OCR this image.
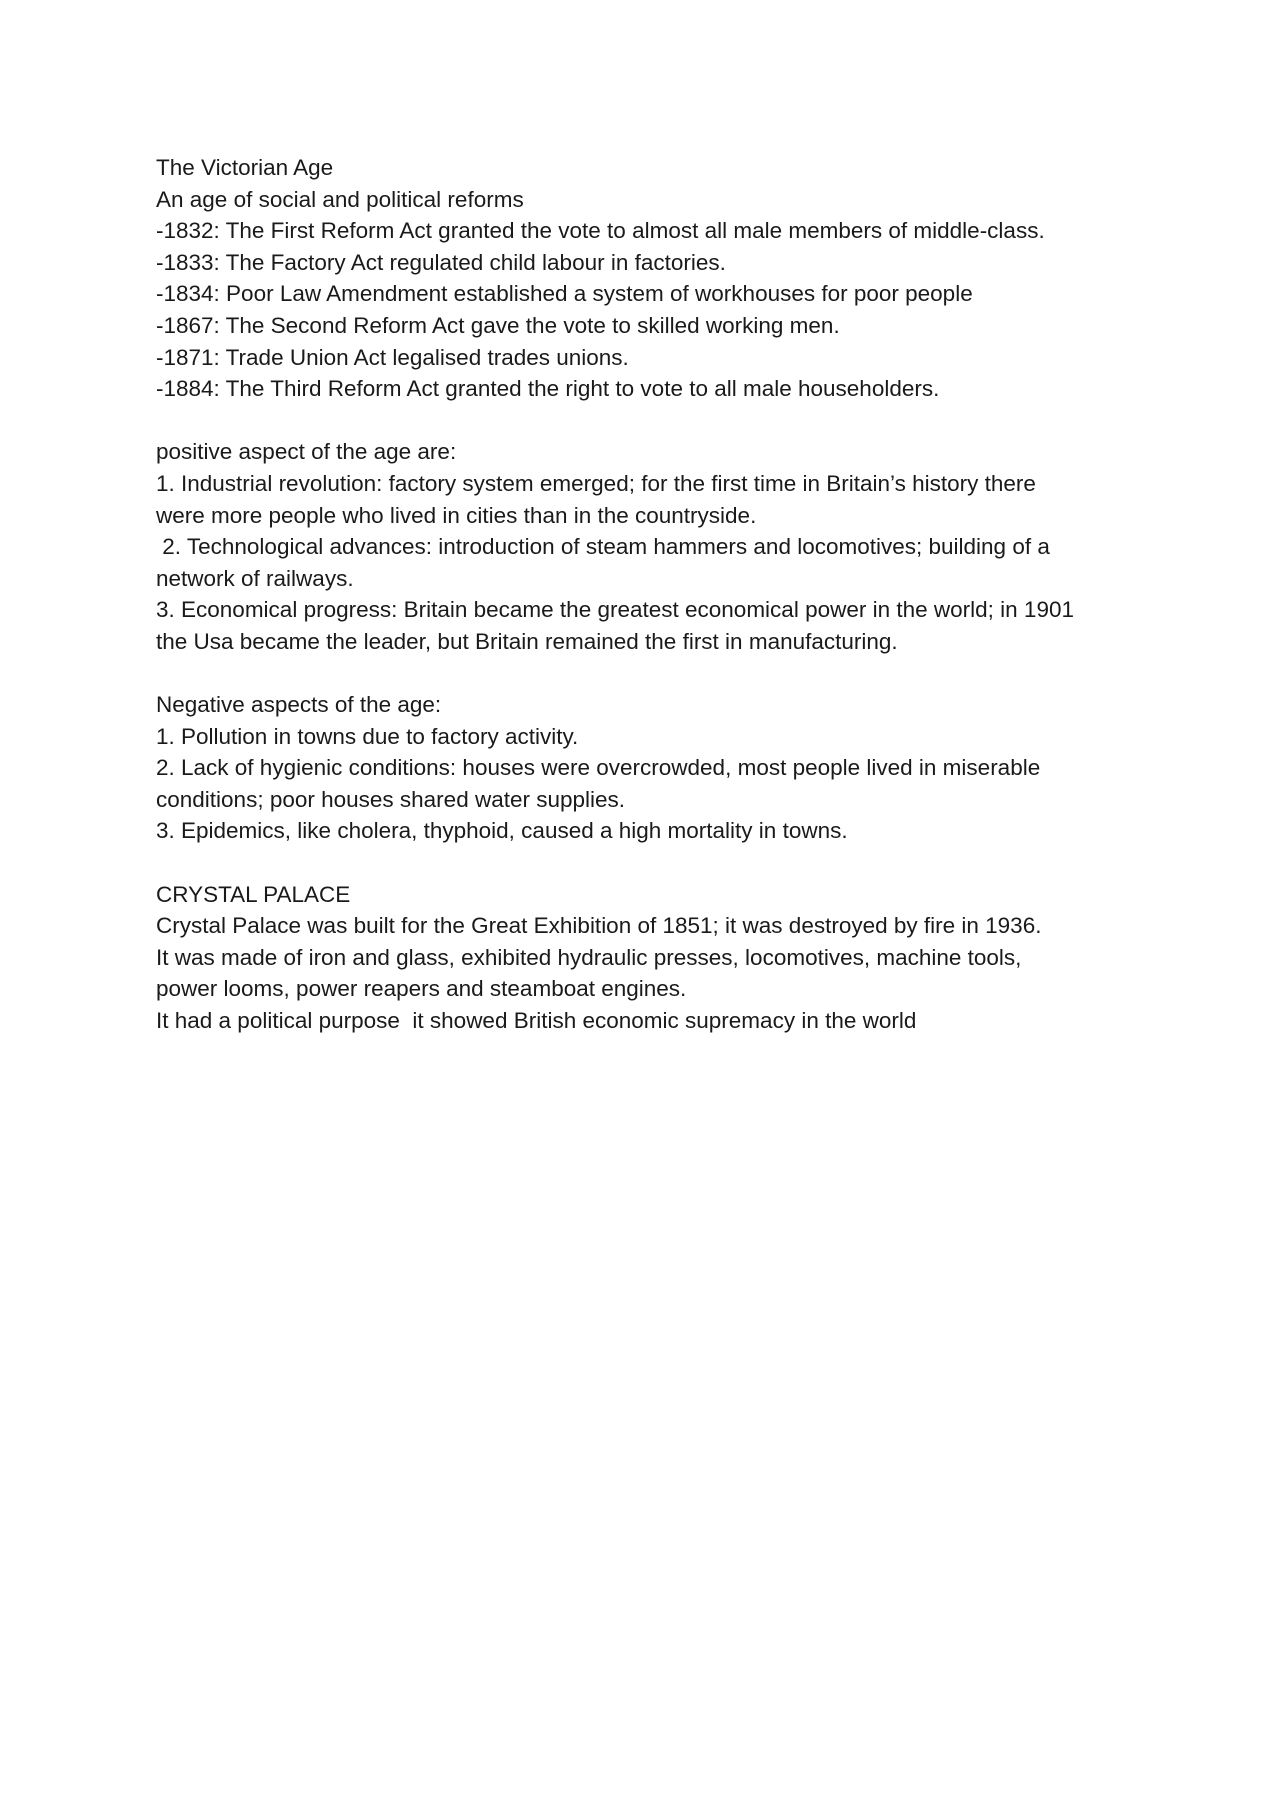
The Victorian Age
An age of social and political reforms
-1832: The First Reform Act granted the vote to almost all male members of middle-class.
-1833: The Factory Act regulated child labour in factories.
-1834: Poor Law Amendment established a system of workhouses for poor people
-1867: The Second Reform Act gave the vote to skilled working men.
-1871: Trade Union Act legalised trades unions.
-1884: The Third Reform Act granted the right to vote to all male householders.
positive aspect of the age are:
1. Industrial revolution: factory system emerged; for the first time in Britain’s history there
were more people who lived in cities than in the countryside.
2. Technological advances: introduction of steam hammers and locomotives; building of a
network of railways.
3. Economical progress: Britain became the greatest economical power in the world; in 1901
the Usa became the leader, but Britain remained the first in manufacturing.
Negative aspects of the age:
1. Pollution in towns due to factory activity.
2. Lack of hygienic conditions: houses were overcrowded, most people lived in miserable
conditions; poor houses shared water supplies.
3. Epidemics, like cholera, thyphoid, caused a high mortality in towns.
CRYSTAL PALACE
Crystal Palace was built for the Great Exhibition of 1851; it was destroyed by fire in 1936.
It was made of iron and glass, exhibited hydraulic presses, locomotives, machine tools,
power looms, power reapers and steamboat engines.
It had a political purpose  it showed British economic supremacy in the world
